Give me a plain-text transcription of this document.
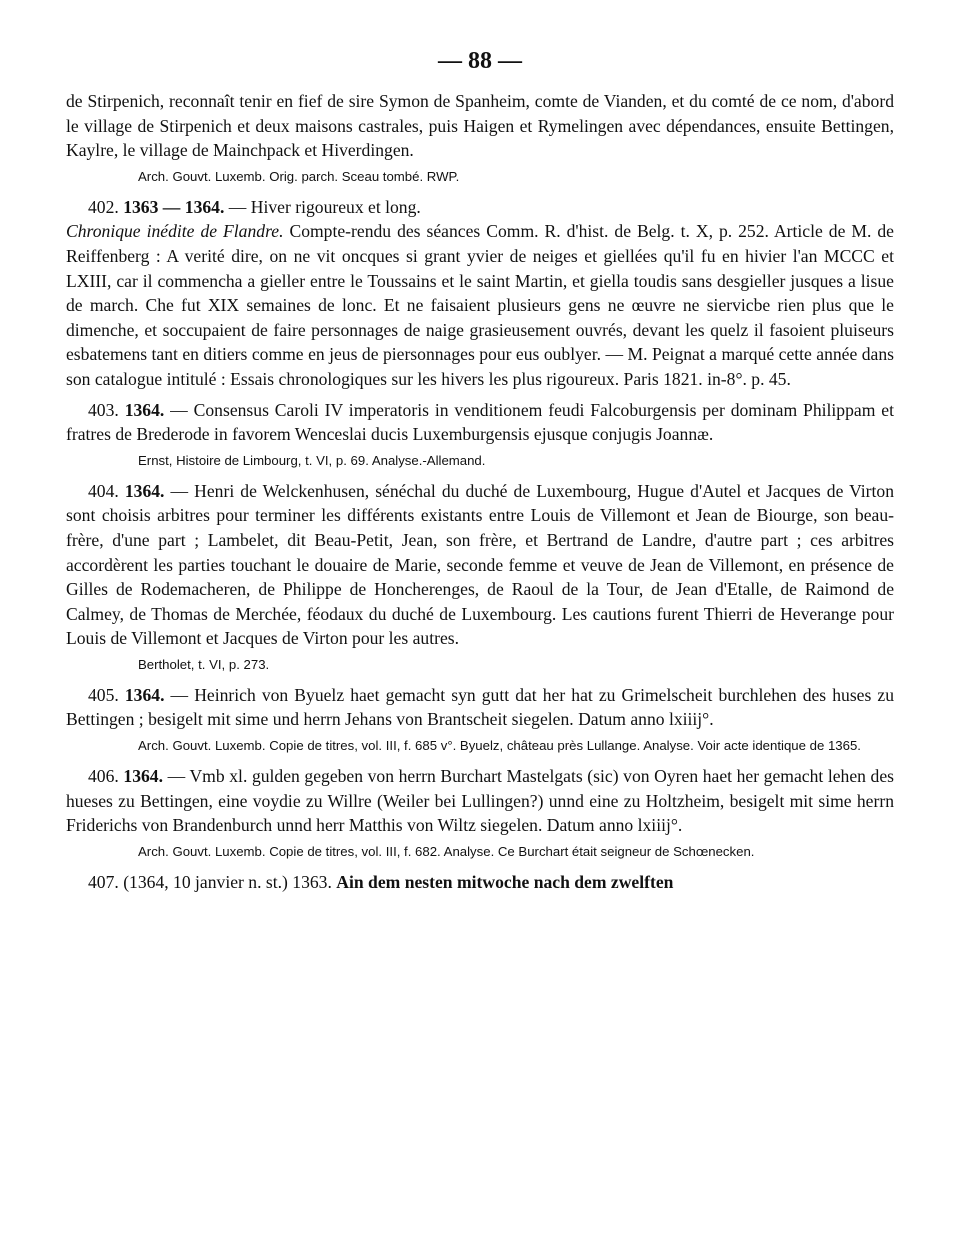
— 88 —

de Stirpenich, reconnaît tenir en fief de sire Symon de Spanheim, comte de Vianden, et du comté de ce nom, d'abord le village de Stirpenich et deux maisons castrales, puis Haigen et Rymelingen avec dépendances, ensuite Bettingen, Kaylre, le village de Mainchpack et Hiverdingen.

Arch. Gouvt. Luxemb. Orig. parch. Sceau tombé. RWP.

402. 1363 — 1364. — Hiver rigoureux et long.

Chronique inédite de Flandre. Compte-rendu des séances Comm. R. d'hist. de Belg. t. X, p. 252. Article de M. de Reiffenberg : A verité dire, on ne vit oncques si grant yvier de neiges et giellées qu'il fu en hivier l'an MCCC et LXIII, car il commencha a gieller entre le Toussains et le saint Martin, et giella toudis sans desgieller jusques a lisue de march. Che fut XIX semaines de lonc. Et ne faisaient plusieurs gens ne œuvre ne siervicbe rien plus que le dimenche, et soccupaient de faire personnages de naige grasieusement ouvrés, devant les quelz il fasoient pluiseurs esbatemens tant en ditiers comme en jeus de piersonnages pour eus oublyer. — M. Peignat a marqué cette année dans son catalogue intitulé : Essais chronologiques sur les hivers les plus rigoureux. Paris 1821. in-8°. p. 45.

403. 1364. — Consensus Caroli IV imperatoris in venditionem feudi Falcoburgensis per dominam Philippam et fratres de Brederode in favorem Wenceslai ducis Luxemburgensis ejusque conjugis Joannæ.

Ernst, Histoire de Limbourg, t. VI, p. 69. Analyse.-Allemand.

404. 1364. — Henri de Welckenhusen, sénéchal du duché de Luxembourg, Hugue d'Autel et Jacques de Virton sont choisis arbitres pour terminer les différents existants entre Louis de Villemont et Jean de Biourge, son beau-frère, d'une part ; Lambelet, dit Beau-Petit, Jean, son frère, et Bertrand de Landre, d'autre part ; ces arbitres accordèrent les parties touchant le douaire de Marie, seconde femme et veuve de Jean de Villemont, en présence de Gilles de Rodemacheren, de Philippe de Honcherenges, de Raoul de la Tour, de Jean d'Etalle, de Raimond de Calmey, de Thomas de Merchée, féodaux du duché de Luxembourg. Les cautions furent Thierri de Heverange pour Louis de Villemont et Jacques de Virton pour les autres.

Bertholet, t. VI, p. 273.

405. 1364. — Heinrich von Byuelz haet gemacht syn gutt dat her hat zu Grimelscheit burchlehen des huses zu Bettingen ; besigelt mit sime und herrn Jehans von Brantscheit siegelen. Datum anno lxiiij°.

Arch. Gouvt. Luxemb. Copie de titres, vol. III, f. 685 v°. Byuelz, château près Lullange. Analyse. Voir acte identique de 1365.

406. 1364. — Vmb xl. gulden gegeben von herrn Burchart Mastelgats (sic) von Oyren haet her gemacht lehen des hueses zu Bettingen, eine voydie zu Willre (Weiler bei Lullingen?) unnd eine zu Holtzheim, besigelt mit sime herrn Friderichs von Brandenburch unnd herr Matthis von Wiltz siegelen. Datum anno lxiiij°.

Arch. Gouvt. Luxemb. Copie de titres, vol. III, f. 682. Analyse. Ce Burchart était seigneur de Schœnecken.

407. (1364, 10 janvier n. st.) 1363. Ain dem nesten mitwoche nach dem zwelften
